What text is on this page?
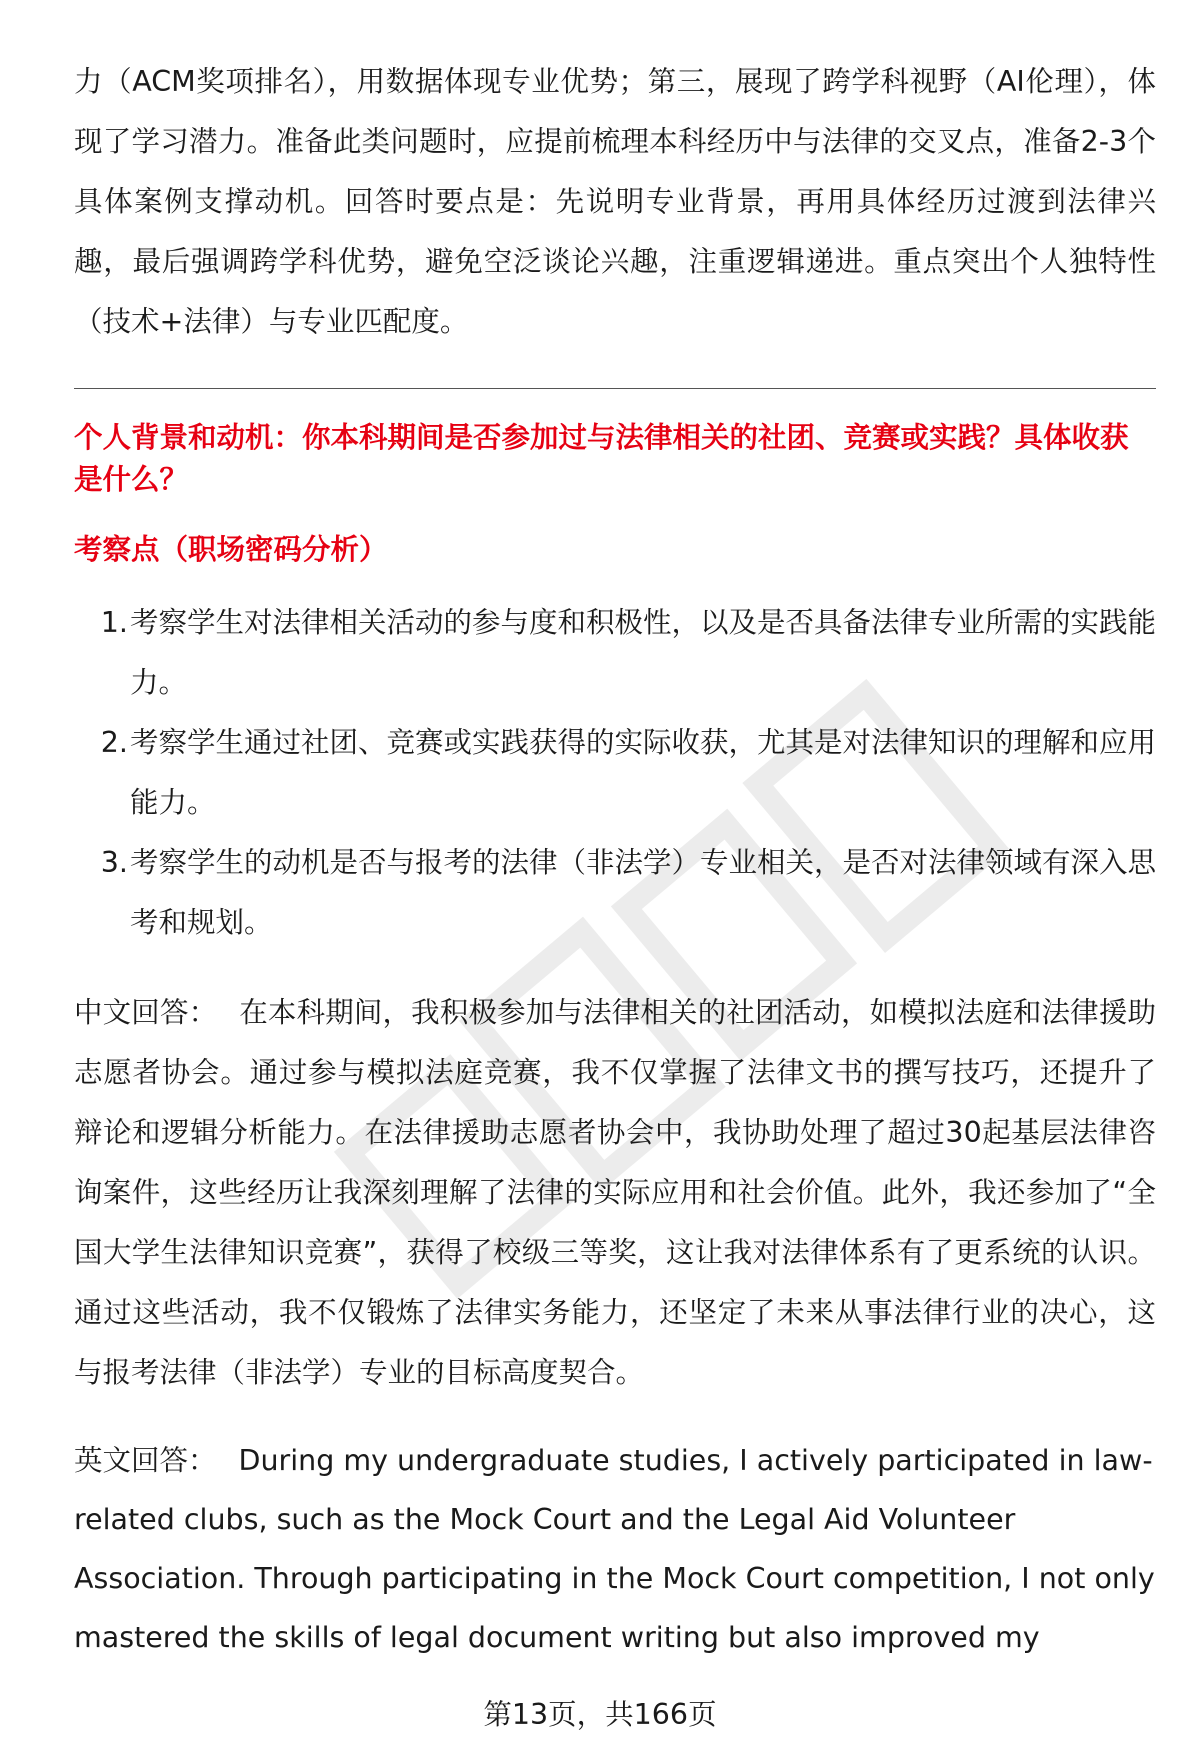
力（ACM奖项排名），用数据体现专业优势；第三，展现了跨学科视野（AI伦理），体现了学习潜力。准备此类问题时，应提前梳理本科经历中与法律的交叉点，准备2-3个具体案例支撑动机。回答时要点是：先说明专业背景，再用具体经历过渡到法律兴趣，最后强调跨学科优势，避免空泛谈论兴趣，注重逻辑递进。重点突出个人独特性（技术+法律）与专业匹配度。

个人背景和动机：你本科期间是否参加过与法律相关的社团、竞赛或实践？具体收获是什么？

考察点（职场密码分析）

1. 考察学生对法律相关活动的参与度和积极性，以及是否具备法律专业所需的实践能力。
2. 考察学生通过社团、竞赛或实践获得的实际收获，尤其是对法律知识的理解和应用能力。
3. 考察学生的动机是否与报考的法律（非法学）专业相关，是否对法律领域有深入思考和规划。

中文回答： 在本科期间，我积极参加与法律相关的社团活动，如模拟法庭和法律援助志愿者协会。通过参与模拟法庭竞赛，我不仅掌握了法律文书的撰写技巧，还提升了辩论和逻辑分析能力。在法律援助志愿者协会中，我协助处理了超过30起基层法律咨询案件，这些经历让我深刻理解了法律的实际应用和社会价值。此外，我还参加了“全国大学生法律知识竞赛”，获得了校级三等奖，这让我对法律体系有了更系统的认识。通过这些活动，我不仅锻炼了法律实务能力，还坚定了未来从事法律行业的决心，这与报考法律（非法学）专业的目标高度契合。

英文回答： During my undergraduate studies, I actively participated in law-related clubs, such as the Mock Court and the Legal Aid Volunteer Association. Through participating in the Mock Court competition, I not only mastered the skills of legal document writing but also improved my

第13页，共166页
